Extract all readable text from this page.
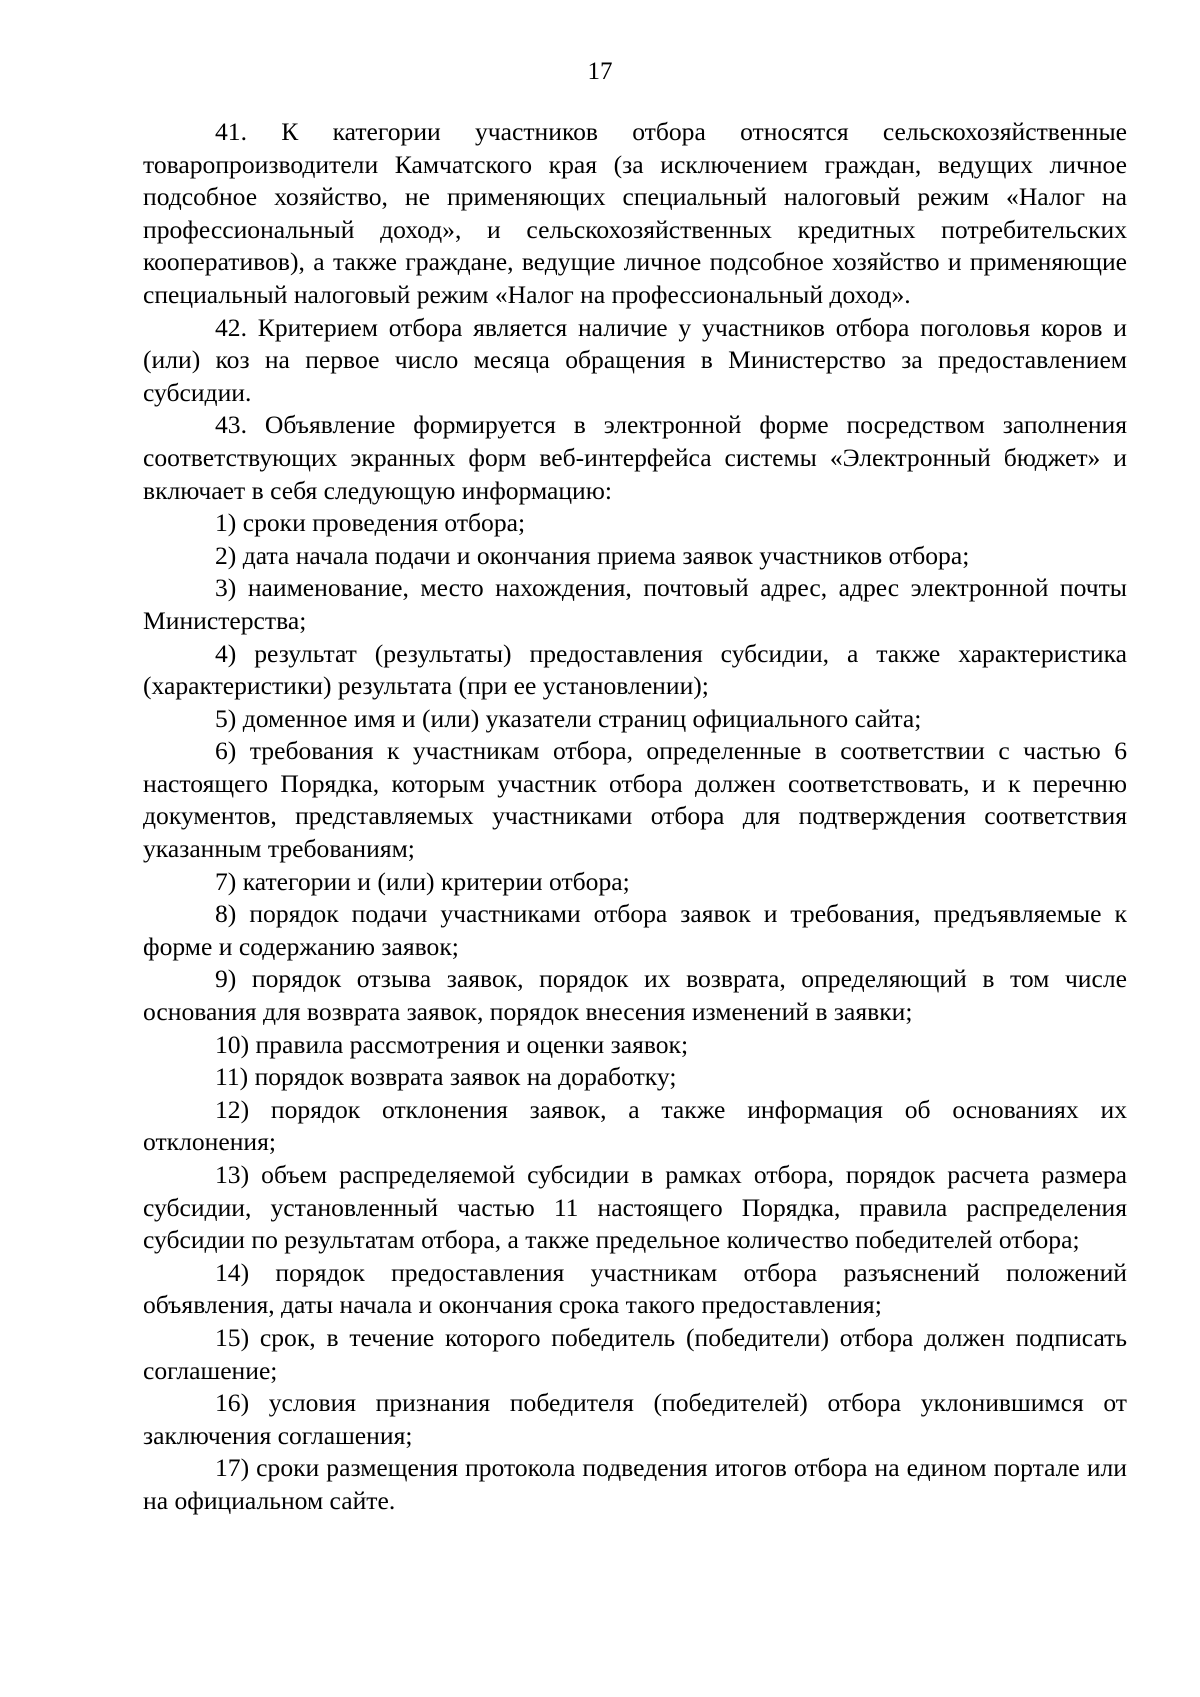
17

41. К категории участников отбора относятся сельскохозяйственные товаропроизводители Камчатского края (за исключением граждан, ведущих личное подсобное хозяйство, не применяющих специальный налоговый режим «Налог на профессиональный доход», и сельскохозяйственных кредитных потребительских кооперативов), а также граждане, ведущие личное подсобное хозяйство и применяющие специальный налоговый режим «Налог на профессиональный доход».

42. Критерием отбора является наличие у участников отбора поголовья коров и (или) коз на первое число месяца обращения в Министерство за предоставлением субсидии.

43. Объявление формируется в электронной форме посредством заполнения соответствующих экранных форм веб-интерфейса системы «Электронный бюджет» и включает в себя следующую информацию:

1) сроки проведения отбора;

2) дата начала подачи и окончания приема заявок участников отбора;

3) наименование, место нахождения, почтовый адрес, адрес электронной почты Министерства;

4) результат (результаты) предоставления субсидии, а также характеристика (характеристики) результата (при ее установлении);

5) доменное имя и (или) указатели страниц официального сайта;

6) требования к участникам отбора, определенные в соответствии с частью 6 настоящего Порядка, которым участник отбора должен соответствовать, и к перечню документов, представляемых участниками отбора для подтверждения соответствия указанным требованиям;

7) категории и (или) критерии отбора;

8) порядок подачи участниками отбора заявок и требования, предъявляемые к форме и содержанию заявок;

9) порядок отзыва заявок, порядок их возврата, определяющий в том числе основания для возврата заявок, порядок внесения изменений в заявки;

10) правила рассмотрения и оценки заявок;

11) порядок возврата заявок на доработку;

12) порядок отклонения заявок, а также информация об основаниях их отклонения;

13) объем распределяемой субсидии в рамках отбора, порядок расчета размера субсидии, установленный частью 11 настоящего Порядка, правила распределения субсидии по результатам отбора, а также предельное количество победителей отбора;

14) порядок предоставления участникам отбора разъяснений положений объявления, даты начала и окончания срока такого предоставления;

15) срок, в течение которого победитель (победители) отбора должен подписать соглашение;

16) условия признания победителя (победителей) отбора уклонившимся от заключения соглашения;

17) сроки размещения протокола подведения итогов отбора на едином портале или на официальном сайте.
